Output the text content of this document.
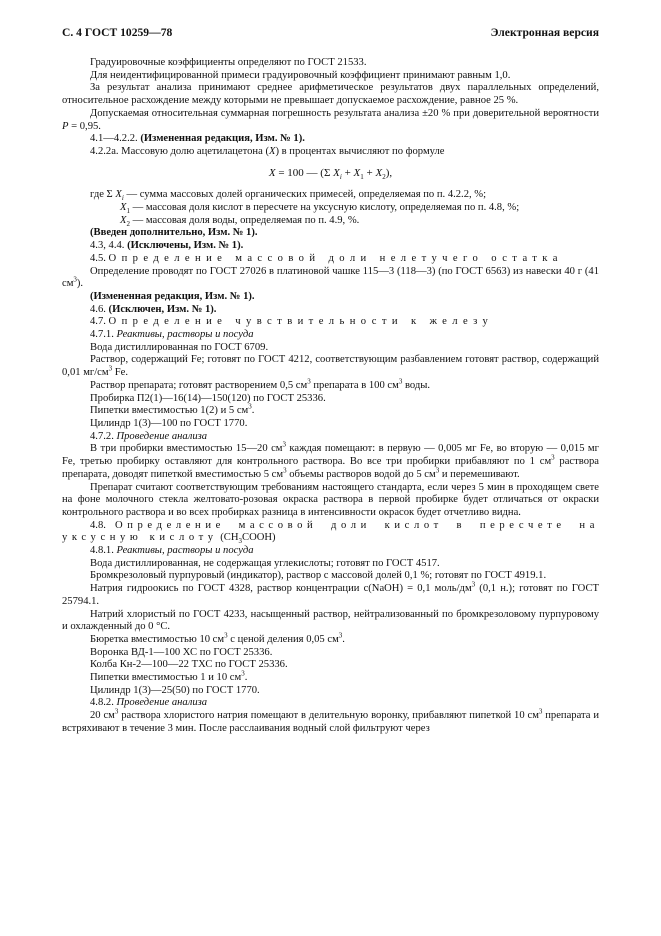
С. 4 ГОСТ 10259—78	Электронная версия

Градуировочные коэффициенты определяют по ГОСТ 21533.

Для неидентифицированной примеси градуировочный коэффициент принимают равным 1,0.

За результат анализа принимают среднее арифметическое результатов двух параллельных определений, относительное расхождение между которыми не превышает допускаемое расхождение, равное 25 %.

Допускаемая относительная суммарная погрешность результата анализа ±20 % при доверительной вероятности P = 0,95.

4.1—4.2.2. (Измененная редакция, Изм. № 1).

4.2.2а. Массовую долю ацетилацетона (X) в процентах вычисляют по формуле

X = 100 — (Σ $X_i + X_1 + X_2$),

где Σ $X_i$ — сумма массовых долей органических примесей, определяемая по п. 4.2.2, %;

$X_1$ — массовая доля кислот в пересчете на уксусную кислоту, определяемая по п. 4.8, %;

$X_2$ — массовая доля воды, определяемая по п. 4.9, %.

(Введен дополнительно, Изм. № 1).

4.3, 4.4. (Исключены, Изм. № 1).

4.5. Определение массовой доли нелетучего остатка

Определение проводят по ГОСТ 27026 в платиновой чашке 115—3 (118—3) (по ГОСТ 6563) из навески 40 г (41 $см^3$).

(Измененная редакция, Изм. № 1).

4.6. (Исключен, Изм. № 1).

4.7. Определение чувствительности к железу

4.7.1. Реактивы, растворы и посуда

Вода дистиллированная по ГОСТ 6709.

Раствор, содержащий Fe; готовят по ГОСТ 4212, соответствующим разбавлением готовят раствор, содержащий 0,01 $мг/см^3$ Fe.

Раствор препарата; готовят растворением 0,5 $см^3$ препарата в 100 $см^3$ воды.

Пробирка П2(1)—16(14)—150(120) по ГОСТ 25336.

Пипетки вместимостью 1(2) и 5 $см^3$.

Цилиндр 1(3)—100 по ГОСТ 1770.

4.7.2. Проведение анализа

В три пробирки вместимостью 15—20 $см^3$ каждая помещают: в первую — 0,005 мг Fe, во вторую — 0,015 мг Fe, третью пробирку оставляют для контрольного раствора. Во все три пробирки прибавляют по 1 $см^3$ раствора препарата, доводят пипеткой вместимостью 5 $см^3$ объемы растворов водой до 5 $см^3$ и перемешивают.

Препарат считают соответствующим требованиям настоящего стандарта, если через 5 мин в проходящем свете на фоне молочного стекла желтовато-розовая окраска раствора в первой пробирке будет отличаться от окраски контрольного раствора и во всех пробирках разница в интенсивности окрасок будет отчетливо видна.

4.8. Определение массовой доли кислот в пересчете на уксусную кислоту $(CH_3COOH)$

4.8.1. Реактивы, растворы и посуда

Вода дистиллированная, не содержащая углекислоты; готовят по ГОСТ 4517.

Бромкрезоловый пурпуровый (индикатор), раствор с массовой долей 0,1 %; готовят по ГОСТ 4919.1.

Натрия гидроокись по ГОСТ 4328, раствор концентрации c(NaOH) = 0,1 моль/$дм^3$ (0,1 н.); готовят по ГОСТ 25794.1.

Натрий хлористый по ГОСТ 4233, насыщенный раствор, нейтрализованный по бромкрезоловому пурпуровому и охлажденный до 0 °С.

Бюретка вместимостью 10 $см^3$ с ценой деления 0,05 $см^3$.

Воронка ВД-1—100 ХС по ГОСТ 25336.

Колба Кн-2—100—22 ТХС по ГОСТ 25336.

Пипетки вместимостью 1 и 10 $см^3$.

Цилиндр 1(3)—25(50) по ГОСТ 1770.

4.8.2. Проведение анализа

20 $см^3$ раствора хлористого натрия помещают в делительную воронку, прибавляют пипеткой 10 $см^3$ препарата и встряхивают в течение 3 мин. После расслаивания водный слой фильтруют через
